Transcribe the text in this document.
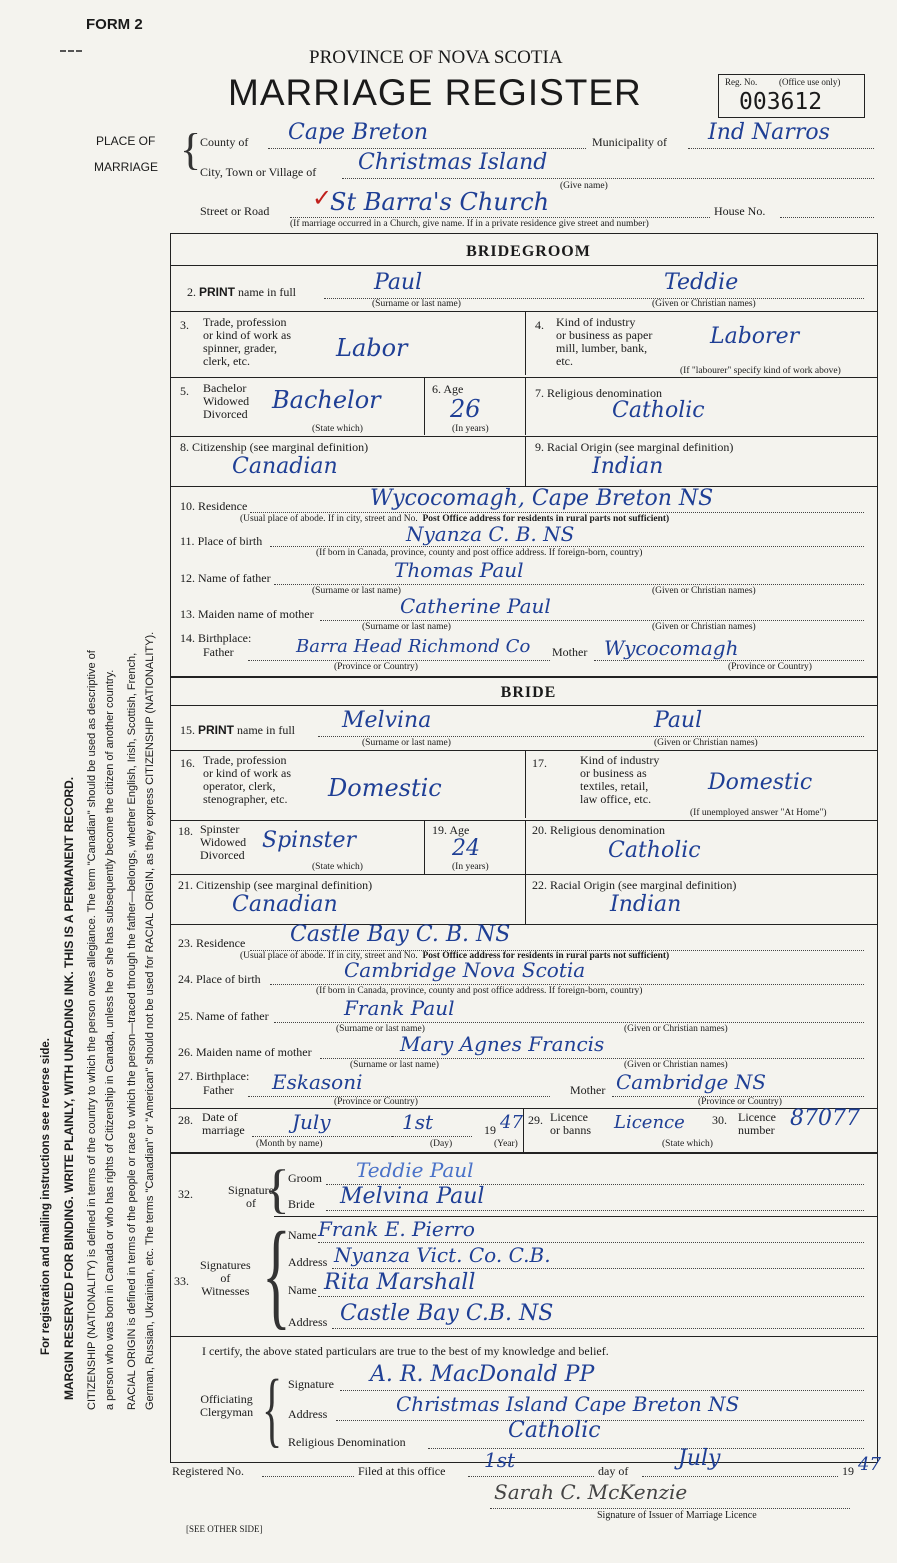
FORM 2
PROVINCE OF NOVA SCOTIA
MARRIAGE REGISTER	Reg. No. (Office use only)
003612
PLACE OF
MARRIAGE {
County of Cape Breton	Municipality of Ind Narros
City, Town or Village of Christmas Island
(Give name)
Street or Road ✓
St Barra's Church	House No.
(If marriage occurred in a Church, give name. If in a private residence give street and number)
BRIDEGROOM
2. PRINT name in full	Paul	Teddie
(Surname or last name)	(Given or Christian names)
3. Trade, profession
or kind of work as
spinner, grader,
clerk, etc.	Labor
4. Kind of industry
or business as paper
mill, lumber, bank,
etc.
Laborer
(If "labourer" specify kind of work above)
5. Bachelor
Widowed
Divorced Bachelor
(State which)
6. Age
26
(In years)
7. Religious denomination
Catholic
8. Citizenship (see marginal definition)
Canadian
9. Racial Origin (see marginal definition)
Indian
10. Residence	Wycocomagh, Cape Breton NS
(Usual place of abode. If in city, street and No. Post Office address for residents in rural parts not sufficient)
11. Place of birth	Nyanza C. B. NS
(If born in Canada, province, county and post office address. If foreign-born, country)
12. Name of father	Thomas Paul
(Surname or last name)	(Given or Christian names)
13. Maiden name of mother	Catherine Paul
(Surname or last name)	(Given or Christian names)
14. Birthplace:
Father	Barra Head Richmond Co Mother Wycocomagh
(Province or Country)	(Province or Country)
BRIDE
15. PRINT name in full Melvina	Paul
(Surname or last name)	(Given or Christian names)
16. Trade, profession
or kind of work as
operator, clerk,
stenographer, etc. Domestic
17.	Kind of industry
or business as
textiles, retail,
law office, etc.
Domestic
(If unemployed answer "At Home")
18. Spinster
Widowed
Divorced
Spinster
(State which)
19. Age
24
(In years)
20. Religious denomination
Catholic
21. Citizenship (see marginal definition)
Canadian
22. Racial Origin (see marginal definition)
Indian
23. Residence Castle Bay C. B. NS
(Usual place of abode. If in city, street and No. Post Office address for residents in rural parts not sufficient)
24. Place of birth	Cambridge Nova Scotia
(If born in Canada, province, county and post office address. If foreign-born, country)
25. Name of father	Frank Paul
(Surname or last name)	(Given or Christian names)
26. Maiden name of mother	Mary Agnes Francis
(Surname or last name)	(Given or Christian names)
27. Birthplace:
Father Eskasoni	Mother Cambridge NS
(Province or Country)	(Province or Country)
28. Date of
marriage July	1st	19 47
(Month by name)	(Day)	(Year)
29. Licence
or banns Licence
(State which)
30. Licence
number 87077
32.	Signature
of {
Groom Teddie Paul
Bride Melvina Paul
Signatures
of
Witnesses
33. {
Name Frank E. Pierro
Address Nyanza Vict. Co. C.B.
Name Rita Marshall
Address Castle Bay C.B. NS
I certify, the above stated particulars are true to the best of my knowledge and belief.
Officiating
Clergyman { Signature A. R. MacDonald PP
Address	Christmas Island Cape Breton NS
Religious Denomination	Catholic
Registered No.	Filed at this office 1st	day of July	19 47
Sarah C. McKenzie
Signature of Issuer of Marriage Licence
[SEE OTHER SIDE]
For registration and mailing instructions see reverse side. MARGIN RESERVED FOR BINDING. WRITE PLAINLY, WITH UNFADING INK. THIS IS A PERMANENT RECORD. CITIZENSHIP (NATIONALITY) is defined in terms of the country to which the person owes allegiance. The term "Canadian" should be used as descriptive of a person who was born in Canada or who has rights of Citizenship in Canada, unless he or she has subsequently become the citizen of another country. RACIAL ORIGIN is defined in terms of the people or race to which the person—traced through the father—belongs, whether English, Irish, Scottish, French, German, Russian, Ukrainian, etc. The terms "Canadian" or "American" should not be used for RACIAL ORIGIN, as they express CITIZENSHIP (NATIONALITY).
